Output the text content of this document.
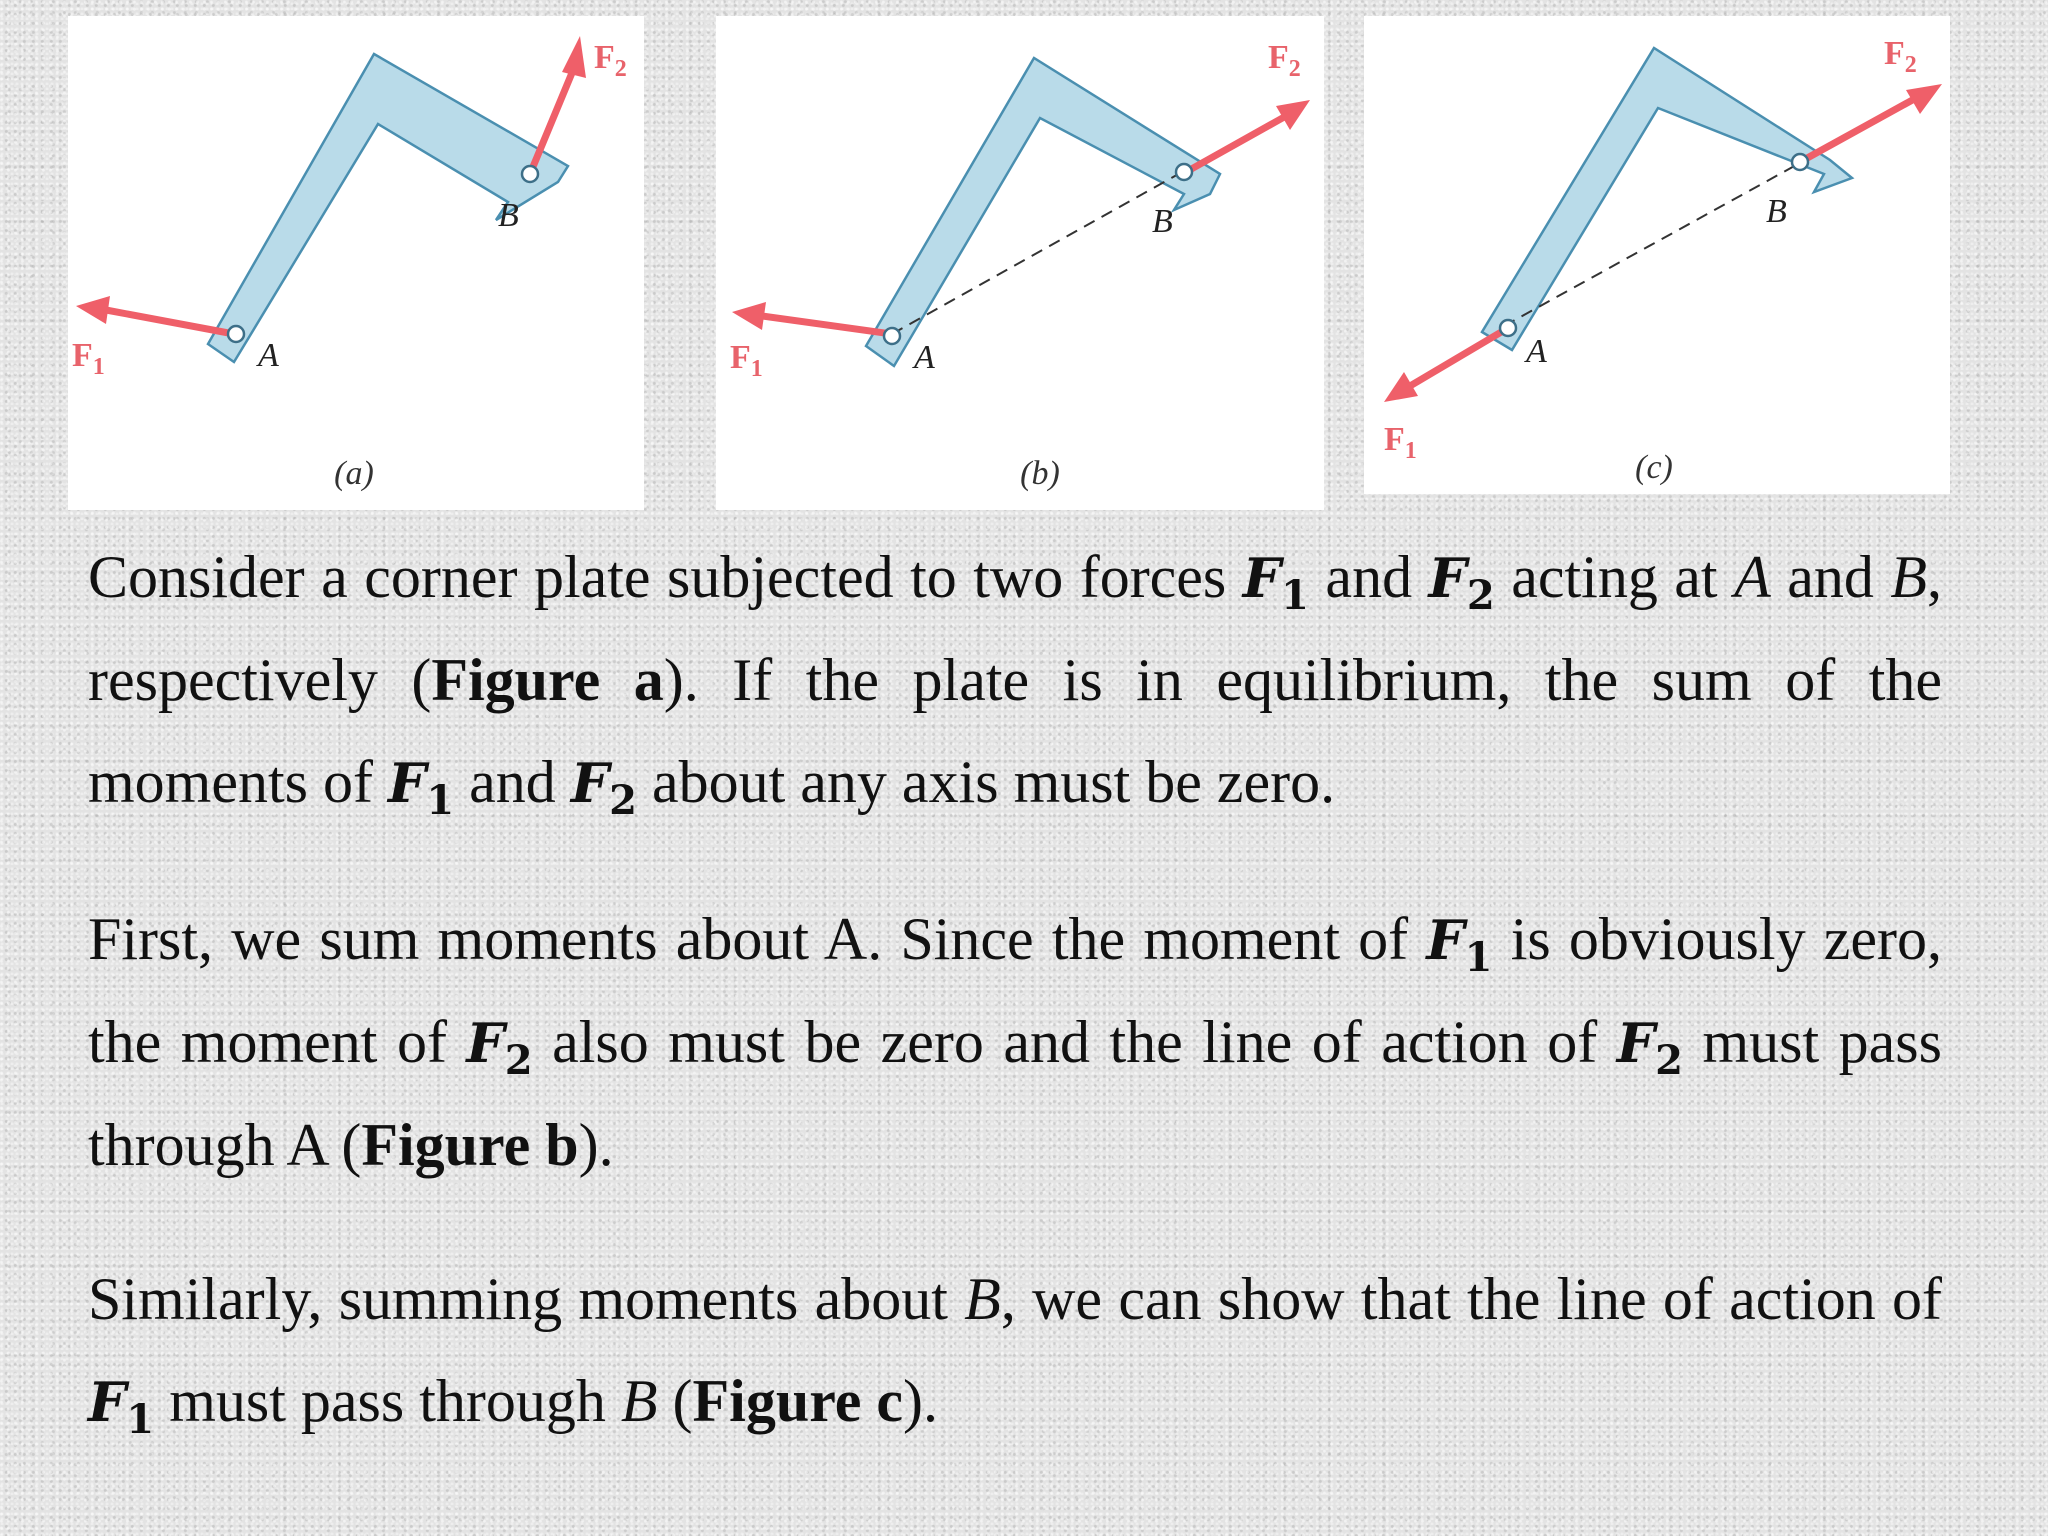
B
A
$F_2$
$F_1$
(a)
B
A
$F_2$
$F_1$
(b)
B
A
$F_2$
$F_1$	(c)
Consider a corner plate subjected to two forces $F_1$ and $F_2$ acting at A and B, respectively (Figure a). If the plate is in equilibrium, the sum of the moments of $F_1$ and $F_2$ about any axis must be zero.
First, we sum moments about A. Since the moment of $F_1$ is obviously zero, the moment of $F_2$ also must be zero and the line of action of $F_2$ must pass through A (Figure b).
Similarly, summing moments about B, we can show that the line of action of $F_1$ must pass through B (Figure c).
